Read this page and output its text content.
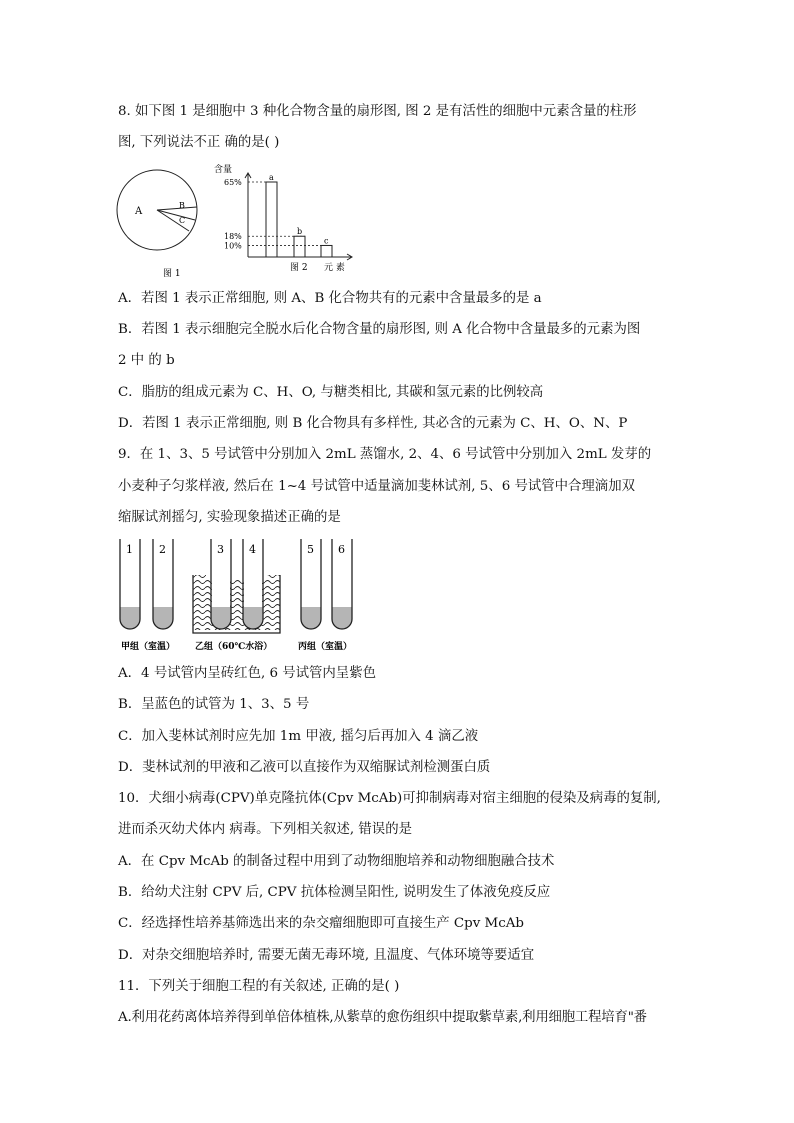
8. 如下图 1 是细胞中 3 种化合物含量的扇形图, 图 2 是有活性的细胞中元素含量的柱形
图, 下列说法不正 确的是( )
A
B
C
图 1
含量
a
65%
b
18%	c
10%
图 2 元 素
A．若图 1 表示正常细胞, 则 A、B 化合物共有的元素中含量最多的是 a
B．若图 1 表示细胞完全脱水后化合物含量的扇形图, 则 A 化合物中含量最多的元素为图
2 中 的 b
C．脂肪的组成元素为 C、H、O, 与糖类相比, 其碳和氢元素的比例较高
D．若图 1 表示正常细胞, 则 B 化合物具有多样性, 其必含的元素为 C、H、O、N、P
9．在 1、3、5 号试管中分别加入 2mL 蒸馏水, 2、4、6 号试管中分别加入 2mL 发芽的
小麦种子匀浆样液, 然后在 1~4 号试管中适量滴加斐林试剂, 5、6 号试管中合理滴加双
缩脲试剂摇匀, 实验现象描述正确的是
1 2	3 4	5 6
甲组（室温） 乙组（60℃水浴）	丙组（室温）
A．4 号试管内呈砖红色, 6 号试管内呈紫色
B．呈蓝色的试管为 1、3、5 号
C．加入斐林试剂时应先加 1m 甲液, 摇匀后再加入 4 滴乙液
D．斐林试剂的甲液和乙液可以直接作为双缩脲试剂检测蛋白质
10．犬细小病毒(CPV)单克隆抗体(Cpv McAb)可抑制病毒对宿主细胞的侵染及病毒的复制,
进而杀灭幼犬体内 病毒。下列相关叙述, 错误的是
A．在 Cpv McAb 的制备过程中用到了动物细胞培养和动物细胞融合技术
B．给幼犬注射 CPV 后, CPV 抗体检测呈阳性, 说明发生了体液免疫反应
C．经选择性培养基筛选出来的杂交瘤细胞即可直接生产 Cpv McAb
D．对杂交细胞培养时, 需要无菌无毒环境, 且温度、气体环境等要适宜
11．下列关于细胞工程的有关叙述, 正确的是( )
A.利用花药离体培养得到单倍体植株,从紫草的愈伤组织中提取紫草素,利用细胞工程培育"番
